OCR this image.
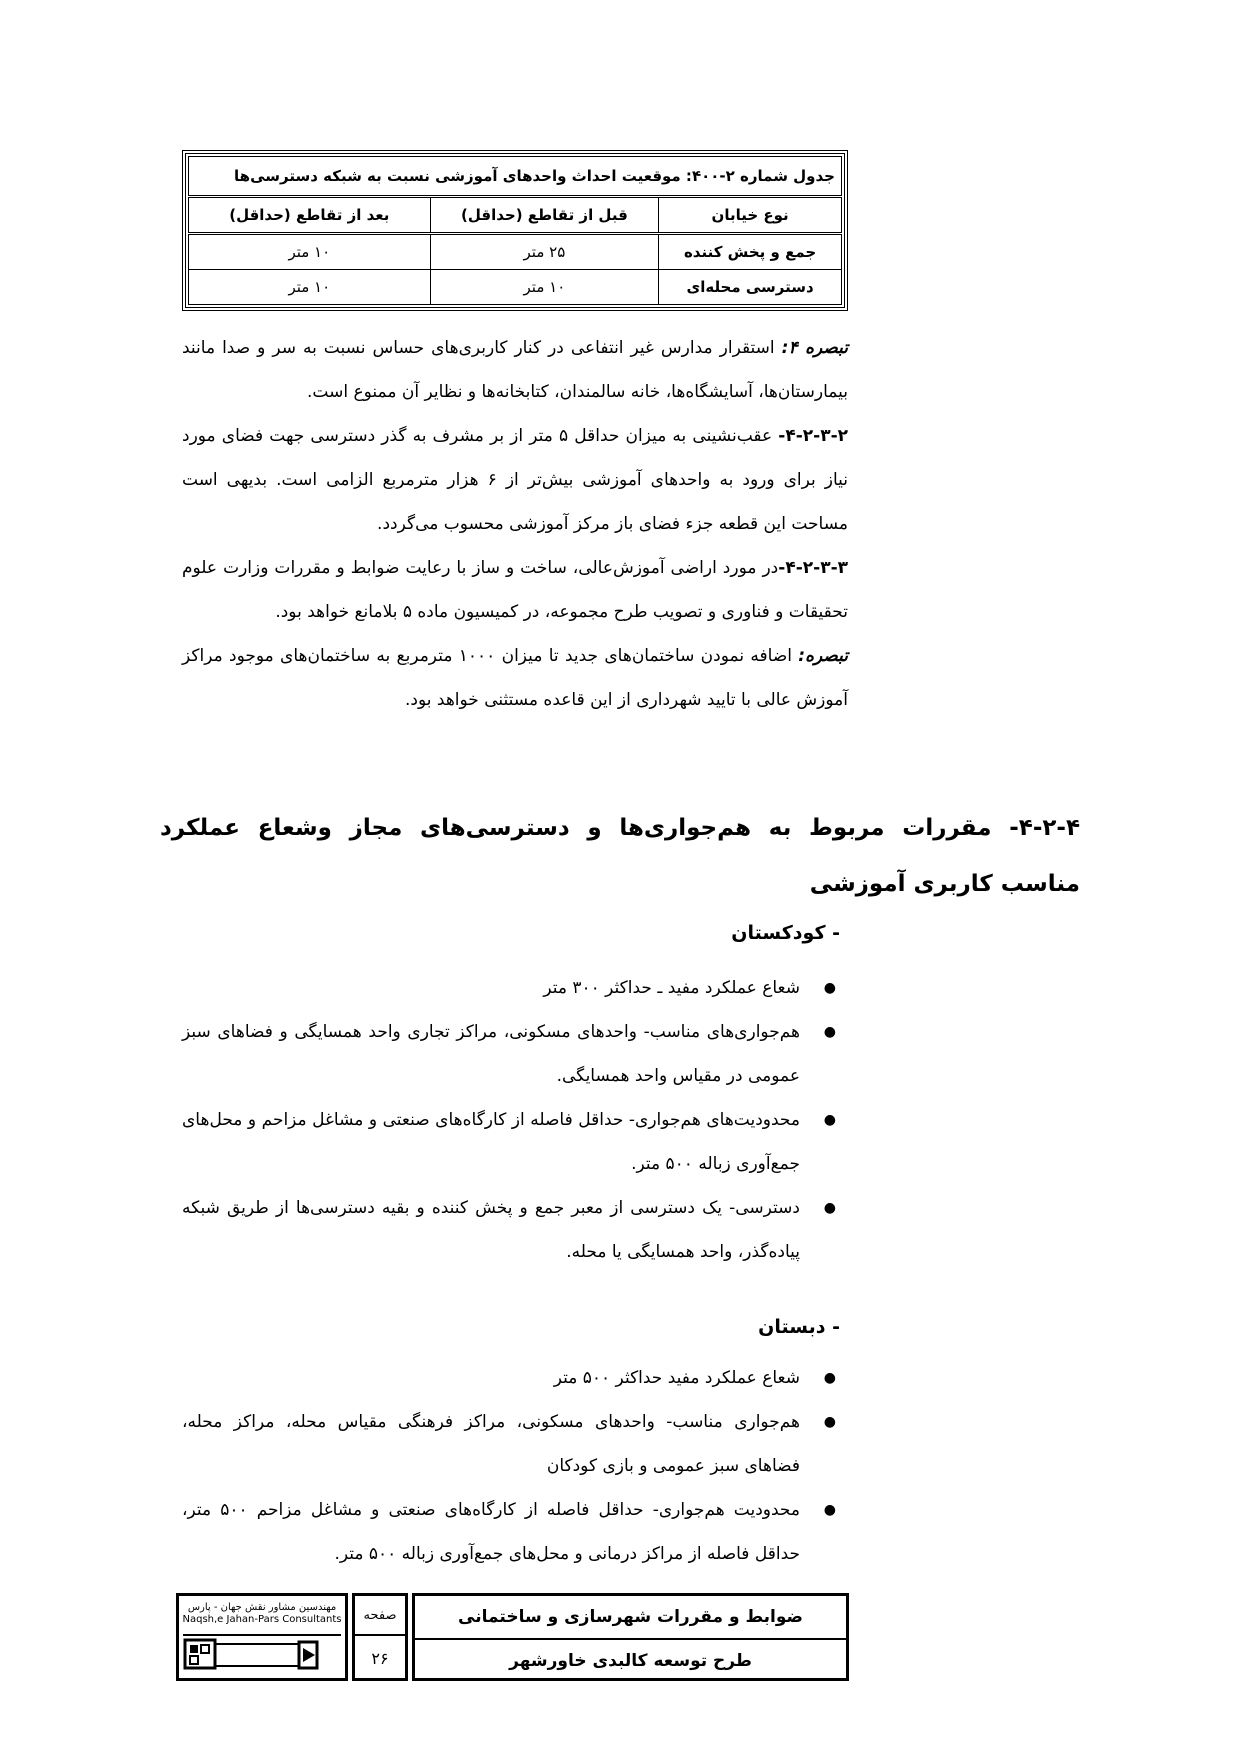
جدول شماره ۲-۴۰۰: موقعیت احداث واحدهای آموزشی نسبت به شبکه دسترسی‌ها		
نوع خیابان	قبل از تقاطع (حداقل)	بعد از تقاطع (حداقل)
جمع و پخش کننده	۲۵ متر	۱۰ متر
دسترسی محله‌ای	۱۰ متر	۱۰ متر

تبصره ۴: استقرار مدارس غیر انتفاعی در کنار کاربری‌های حساس نسبت به سر و صدا مانند بیمارستان‌ها، آسایشگاه‌ها، خانه سالمندان، کتابخانه‌ها و نظایر آن ممنوع است.

۴-۲-۳-۲- عقب‌نشینی به میزان حداقل ۵ متر از بر مشرف به گذر دسترسی جهت فضای مورد نیاز برای ورود به واحدهای آموزشی بیش‌تر از ۶ هزار مترمربع الزامی است. بدیهی است مساحت این قطعه جزء فضای باز مرکز آموزشی محسوب می‌گردد.

۴-۲-۳-۳-در مورد اراضی آموزش‌عالی، ساخت و ساز با رعایت ضوابط و مقررات وزارت علوم تحقیقات و فناوری و تصویب طرح مجموعه، در کمیسیون ماده ۵ بلامانع خواهد بود.

تبصره: اضافه نمودن ساختمان‌های جدید تا میزان ۱۰۰۰ مترمربع به ساختمان‌های موجود مراکز آموزش عالی با تایید شهرداری از این قاعده مستثنی خواهد بود.

۴-۲-۴- مقررات مربوط به هم‌جواری‌ها و دسترسی‌های مجاز وشعاع عملکرد مناسب کاربری آموزشی
- کودکستان
●
شعاع عملکرد مفید ـ حداکثر ۳۰۰ متر
●
هم‌جواری‌های مناسب- واحدهای مسکونی، مراکز تجاری واحد همسایگی و فضاهای سبز عمومی در مقیاس واحد همسایگی.
●
محدودیت‌های هم‌جواری- حداقل فاصله از کارگاه‌های صنعتی و مشاغل مزاحم و محل‌های جمع‌آوری زباله ۵۰۰ متر.
●
دسترسی- یک دسترسی از معبر جمع و پخش کننده و بقیه دسترسی‌ها از طریق شبکه پیاده‌گذر، واحد همسایگی یا محله.
- دبستان
●
شعاع عملکرد مفید حداکثر ۵۰۰ متر
●
هم‌جواری مناسب- واحدهای مسکونی، مراکز فرهنگی مقیاس محله، مراکز محله، فضاهای سبز عمومی و بازی کودکان
●
محدودیت هم‌جواری- حداقل فاصله از کارگاه‌های صنعتی و مشاغل مزاحم ۵۰۰ متر، حداقل فاصله از مراکز درمانی و محل‌های جمع‌آوری زباله ۵۰۰ متر.
ضوابط و مقررات شهرسازی و ساختمانی
طرح توسعه کالبدی خاورشهر
صفحه
۲۶
مهندسین مشاور نقش جهان - پارس
Naqsh,e Jahan-Pars Consultants
